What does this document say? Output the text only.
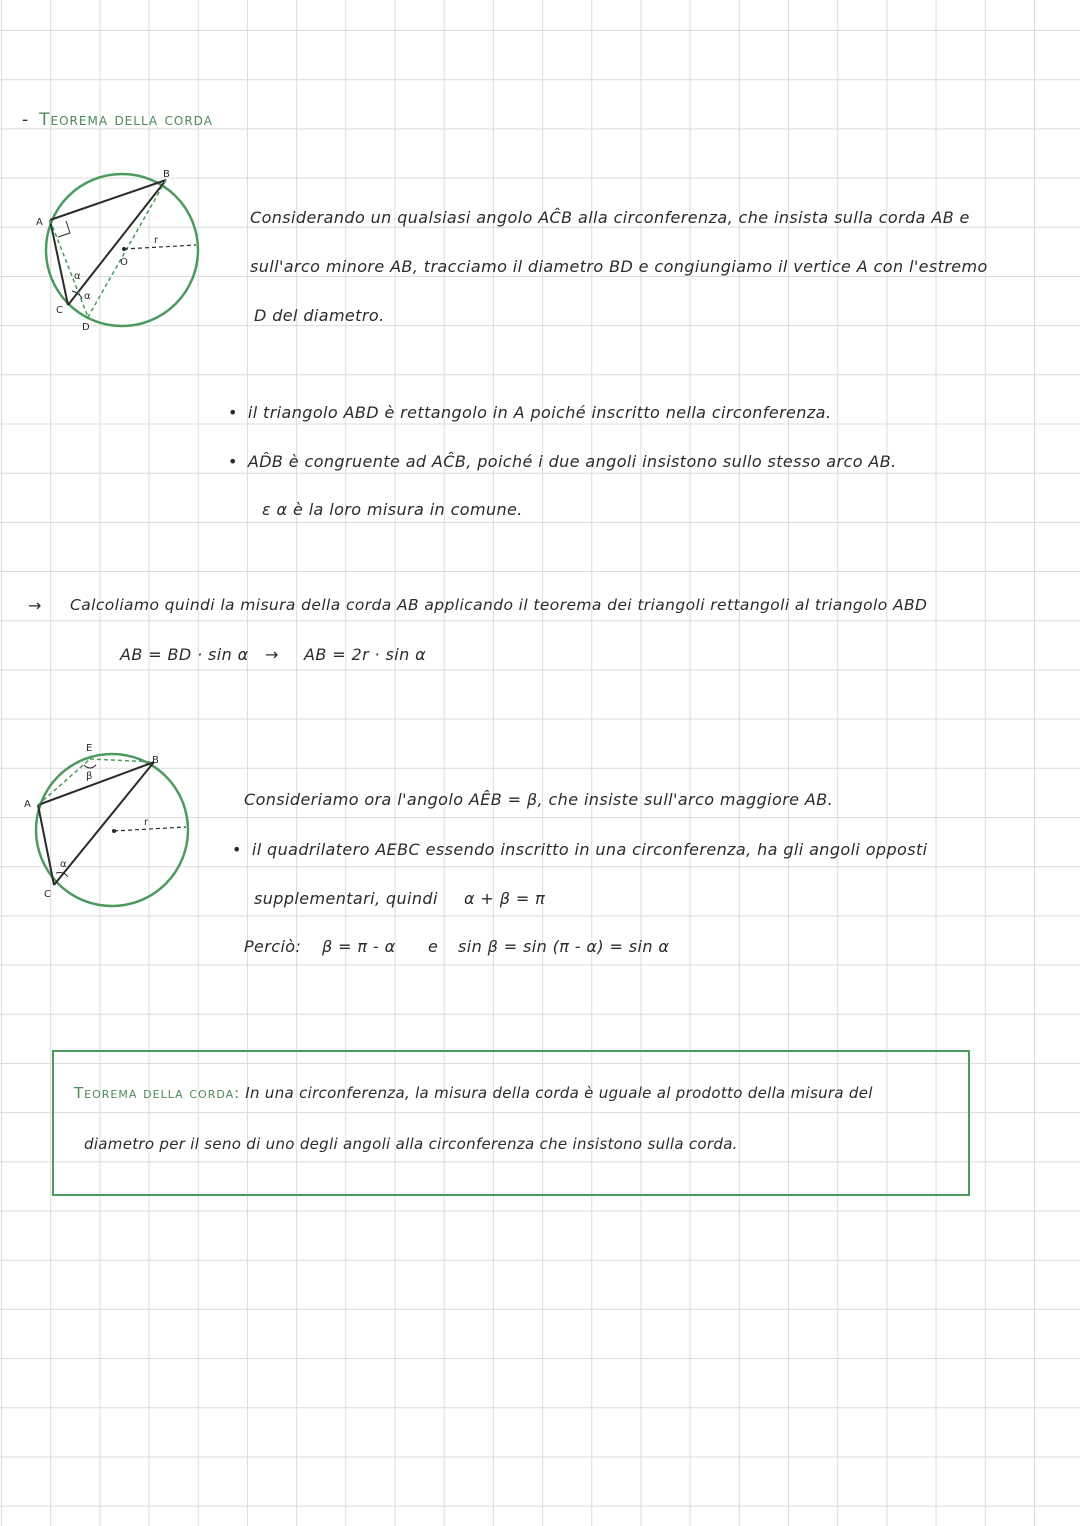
- Teorema della corda
A
B
C
D
O
r
α
α
Considerando un qualsiasi angolo AĈB alla circonferenza, che insista sulla corda AB e
sull'arco minore AB, tracciamo il diametro BD e congiungiamo il vertice A con l'estremo
D del diametro.
• il triangolo ABD è rettangolo in A poiché inscritto nella circonferenza.
• AD̂B è congruente ad AĈB, poiché i due angoli insistono sullo stesso arco AB.
ε α è la loro misura in comune.
→ Calcoliamo quindi la misura della corda AB applicando il teorema dei triangoli rettangoli al triangolo ABD
AB = BD · sin α → AB = 2r · sin α
A
B
C
E
β
r
α
Consideriamo ora l'angolo AÊB = β, che insiste sull'arco maggiore AB.
• il quadrilatero AEBC essendo inscritto in una circonferenza, ha gli angoli opposti
supplementari, quindi α + β = π
Perciò: β = π - α e sin β = sin (π - α) = sin α
Teorema della corda: In una circonferenza, la misura della corda è uguale al prodotto della misura del
diametro per il seno di uno degli angoli alla circonferenza che insistono sulla corda.
